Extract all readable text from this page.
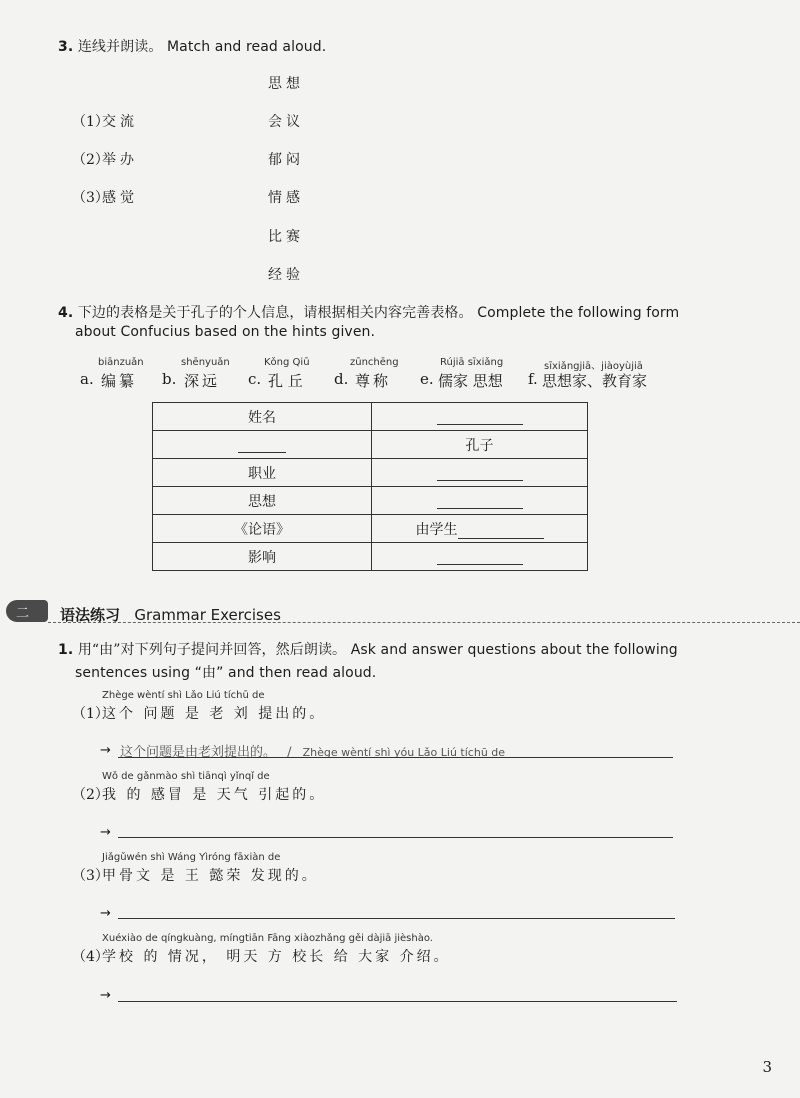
3. 连线并朗读。 Match and read aloud.
（1）
交流
（2）
举办
（3）
感觉
思想
会议
郁闷
情感
比赛
经验
4. 下边的表格是关于孔子的个人信息，请根据相关内容完善表格。 Complete the following form
about Confucius based on the hints given.
biānzuǎn
a. 编纂
shēnyuǎn
b. 深远
Kǒng Qiū
c. 孔 丘
zūnchēng
d. 尊称
Rújiā sīxiǎng
e. 儒家 思想
sīxiǎngjiā、jiàoyùjiā
f. 思想家、教育家
姓名	
	孔子
职业	
思想	
《论语》	由学生
影响	
二 语法练习 Grammar Exercises
1. 用“由”对下列句子提问并回答，然后朗读。 Ask and answer questions about the following
sentences using “由” and then read aloud.
Zhège wèntí shì Lǎo Liú tíchū de
（1）
这个 问题 是 老 刘 提出的。
→ 这个问题是由老刘提出的。 / Zhège wèntí shì yóu Lǎo Liú tíchū de
Wǒ de gǎnmào shì tiānqì yǐnqǐ de
（2）
我 的 感冒 是 天气 引起的。
→
Jiǎgǔwén shì Wáng Yìróng fāxiàn de
（3）
甲骨文 是 王 懿荣 发现的。
→
Xuéxiào de qíngkuàng, míngtiān Fāng xiàozhǎng gěi dàjiā jièshào.
（4）
学校 的 情况， 明天 方 校长 给 大家 介绍。
→
3
